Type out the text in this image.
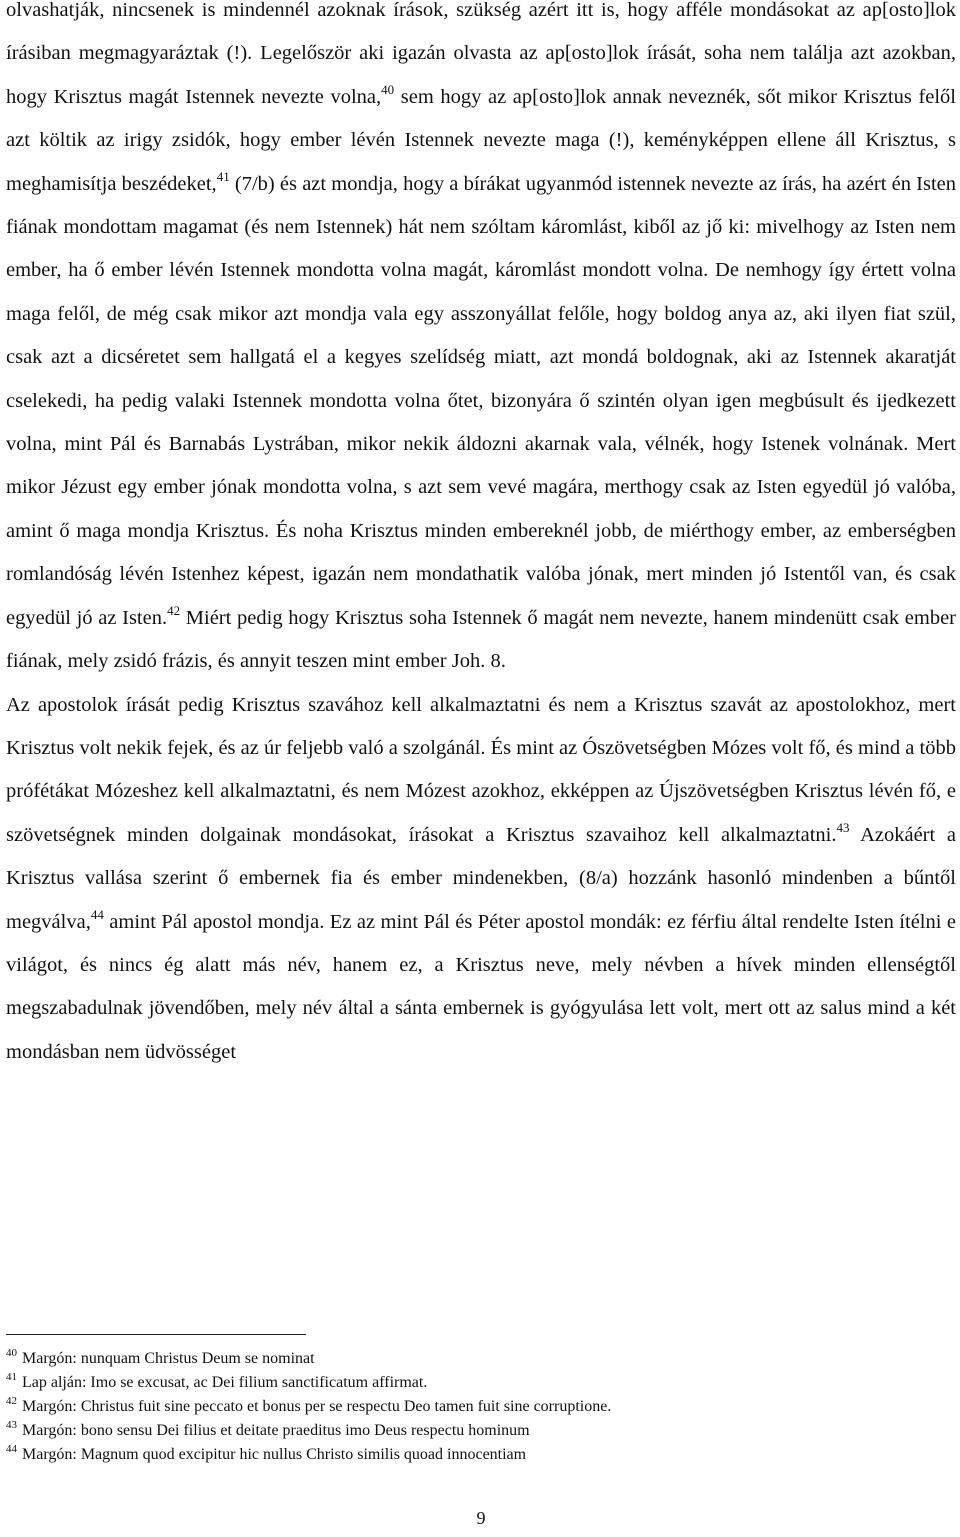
olvashatják, nincsenek is mindennél azoknak írások, szükség azért itt is, hogy afféle mondásokat az ap[osto]lok írásiban megmagyaráztak (!). Legelőször aki igazán olvasta az ap[osto]lok írását, soha nem találja azt azokban, hogy Krisztus magát Istennek nevezte volna,$^{40}$ sem hogy az ap[osto]lok annak neveznék, sőt mikor Krisztus felől azt költik az irigy zsidók, hogy ember lévén Istennek nevezte maga (!), keményképpen ellene áll Krisztus, s meghamisítja beszédeket,$^{41}$ (7/b) és azt mondja, hogy a bírákat ugyanmód istennek nevezte az írás, ha azért én Isten fiának mondottam magamat (és nem Istennek) hát nem szóltam káromlást, kiből az jő ki: mivelhogy az Isten nem ember, ha ő ember lévén Istennek mondotta volna magát, káromlást mondott volna. De nemhogy így értett volna maga felől, de még csak mikor azt mondja vala egy asszonyállat felőle, hogy boldog anya az, aki ilyen fiat szül, csak azt a dicséretet sem hallgatá el a kegyes szelídség miatt, azt mondá boldognak, aki az Istennek akaratját cselekedi, ha pedig valaki Istennek mondotta volna őtet, bizonyára ő szintén olyan igen megbúsult és ijedkezett volna, mint Pál és Barnabás Lystrában, mikor nekik áldozni akarnak vala, vélnék, hogy Istenek volnának. Mert mikor Jézust egy ember jónak mondotta volna, s azt sem vevé magára, merthogy csak az Isten egyedül jó valóba, amint ő maga mondja Krisztus. És noha Krisztus minden embereknél jobb, de miérthogy ember, az emberségben romlandóság lévén Istenhez képest, igazán nem mondathatik valóba jónak, mert minden jó Istentől van, és csak egyedül jó az Isten.$^{42}$ Miért pedig hogy Krisztus soha Istennek ő magát nem nevezte, hanem mindenütt csak ember fiának, mely zsidó frázis, és annyit teszen mint ember Joh. 8.

Az apostolok írását pedig Krisztus szavához kell alkalmaztatni és nem a Krisztus szavát az apostolokhoz, mert Krisztus volt nekik fejek, és az úr feljebb való a szolgánál. És mint az Ószövetségben Mózes volt fő, és mind a több prófétákat Mózeshez kell alkalmaztatni, és nem Mózest azokhoz, ekképpen az Újszövetségben Krisztus lévén fő, e szövetségnek minden dolgainak mondásokat, írásokat a Krisztus szavaihoz kell alkalmaztatni.$^{43}$ Azokáért a Krisztus vallása szerint ő embernek fia és ember mindenekben, (8/a) hozzánk hasonló mindenben a bűntől megválva,$^{44}$ amint Pál apostol mondja. Ez az mint Pál és Péter apostol mondák: ez férfiu által rendelte Isten ítélni e világot, és nincs ég alatt más név, hanem ez, a Krisztus neve, mely névben a hívek minden ellenségtől megszabadulnak jövendőben, mely név által a sánta embernek is gyógyulása lett volt, mert ott az salus mind a két mondásban nem üdvösséget

$^{40}$ Margón: nunquam Christus Deum se nominat

$^{41}$ Lap alján: Imo se excusat, ac Dei filium sanctificatum affirmat.

$^{42}$ Margón: Christus fuit sine peccato et bonus per se respectu Deo tamen fuit sine corruptione.

$^{43}$ Margón: bono sensu Dei filius et deitate praeditus imo Deus respectu hominum

$^{44}$ Margón: Magnum quod excipitur hic nullus Christo similis quoad innocentiam

9
